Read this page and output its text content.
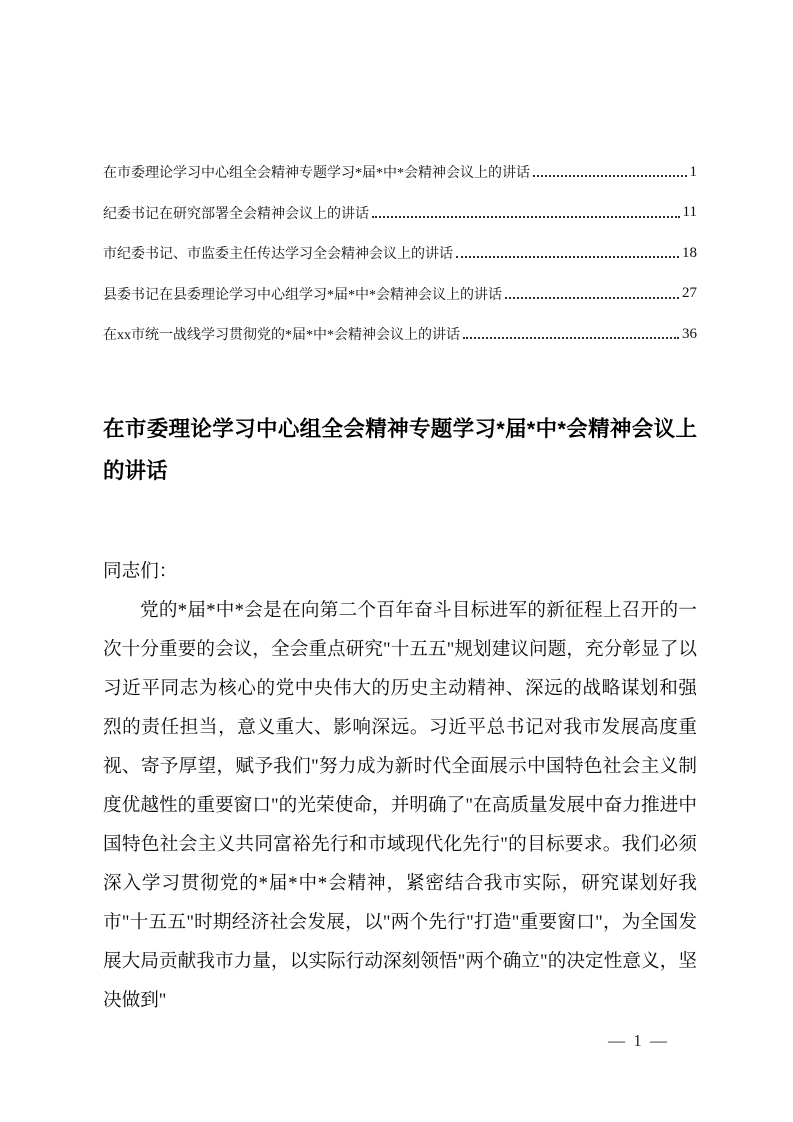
在市委理论学习中心组全会精神专题学习*届*中*会精神会议上的讲话	1
纪委书记在研究部署全会精神会议上的讲话	11
市纪委书记、市监委主任传达学习全会精神会议上的讲话	18
县委书记在县委理论学习中心组学习*届*中*会精神会议上的讲话	27
在xx市统一战线学习贯彻党的*届*中*会精神会议上的讲话	36
在市委理论学习中心组全会精神专题学习*届*中*会精神会议上的讲话
同志们：
党的*届*中*会是在向第二个百年奋斗目标进军的新征程上召开的一次十分重要的会议，全会重点研究"十五五"规划建议问题，充分彰显了以习近平同志为核心的党中央伟大的历史主动精神、深远的战略谋划和强烈的责任担当，意义重大、影响深远。习近平总书记对我市发展高度重视、寄予厚望，赋予我们"努力成为新时代全面展示中国特色社会主义制度优越性的重要窗口"的光荣使命，并明确了"在高质量发展中奋力推进中国特色社会主义共同富裕先行和市域现代化先行"的目标要求。我们必须深入学习贯彻党的*届*中*会精神，紧密结合我市实际，研究谋划好我市"十五五"时期经济社会发展，以"两个先行"打造"重要窗口"，为全国发展大局贡献我市力量，以实际行动深刻领悟"两个确立"的决定性意义，坚决做到"
— 1 —
